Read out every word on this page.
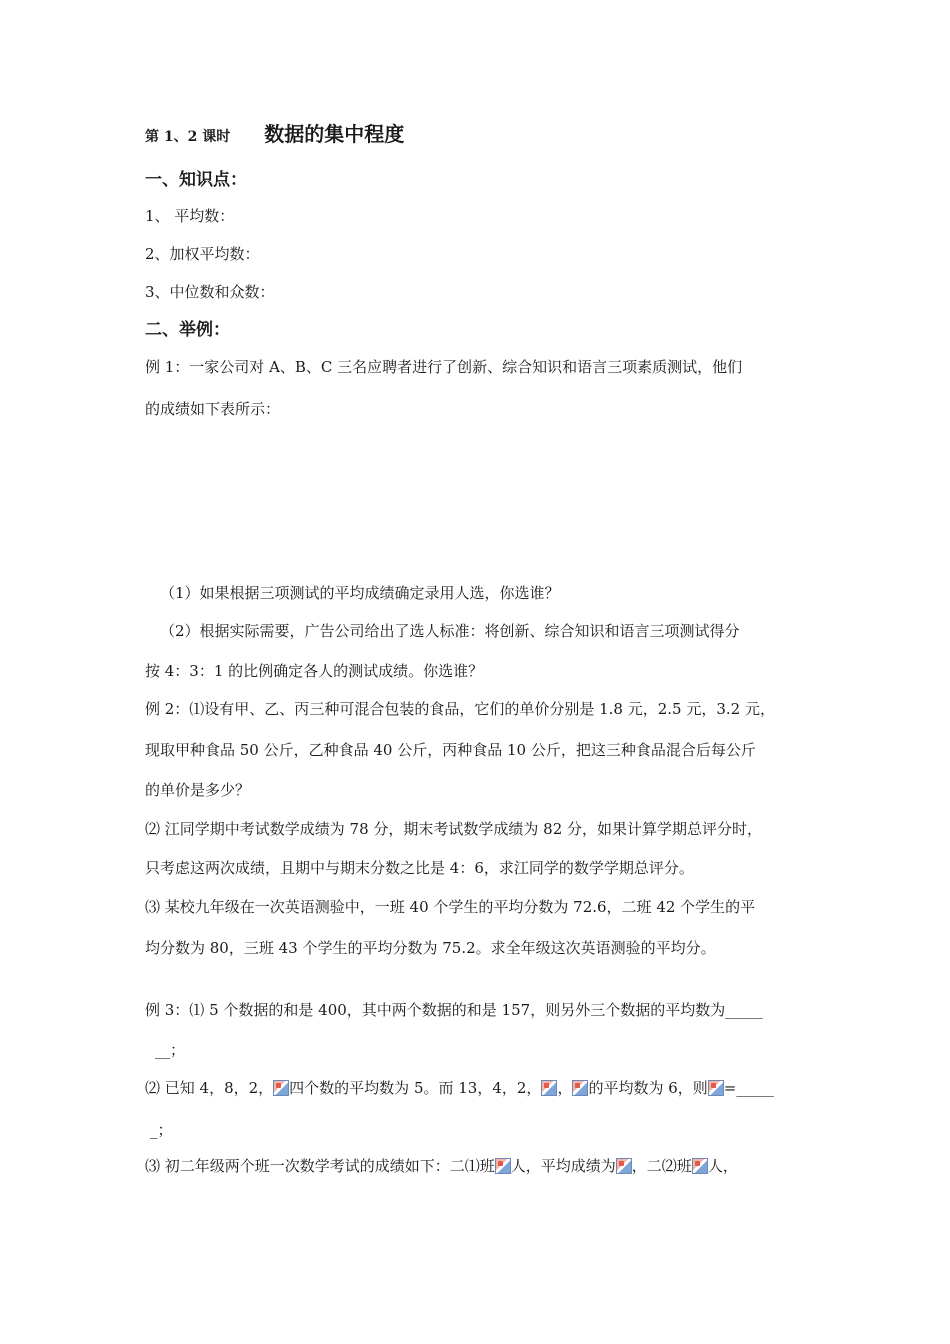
第 1、2 课时 数据的集中程度
一、知识点：
1、 平均数：
2、加权平均数：
3、中位数和众数：
二、举例：
例 1：一家公司对 A、B、C 三名应聘者进行了创新、综合知识和语言三项素质测试，他们
的成绩如下表所示：
（1）如果根据三项测试的平均成绩确定录用人选，你选谁？
（2）根据实际需要，广告公司给出了选人标准：将创新、综合知识和语言三项测试得分
按 4：3：1 的比例确定各人的测试成绩。你选谁？
例 2：⑴设有甲、乙、丙三种可混合包装的食品，它们的单价分别是 1.8 元，2.5 元，3.2 元，
现取甲种食品 50 公斤，乙种食品 40 公斤，丙种食品 10 公斤，把这三种食品混合后每公斤
的单价是多少？
⑵ 江同学期中考试数学成绩为 78 分，期末考试数学成绩为 82 分，如果计算学期总评分时，
只考虑这两次成绩，且期中与期末分数之比是 4：6，求江同学的数学学期总评分。
⑶ 某校九年级在一次英语测验中，一班 40 个学生的平均分数为 72.6，二班 42 个学生的平
均分数为 80，三班 43 个学生的平均分数为 75.2。求全年级这次英语测验的平均分。
例 3：⑴ 5 个数据的和是 400，其中两个数据的和是 157，则另外三个数据的平均数为_____
__；
⑵ 已知 4，8，2， 四个数的平均数为 5。而 13，4，2， ， 的平均数为 6，则 =_____
_；
⑶ 初二年级两个班一次数学考试的成绩如下：二⑴班 人，平均成绩为 ，二⑵班 人，
